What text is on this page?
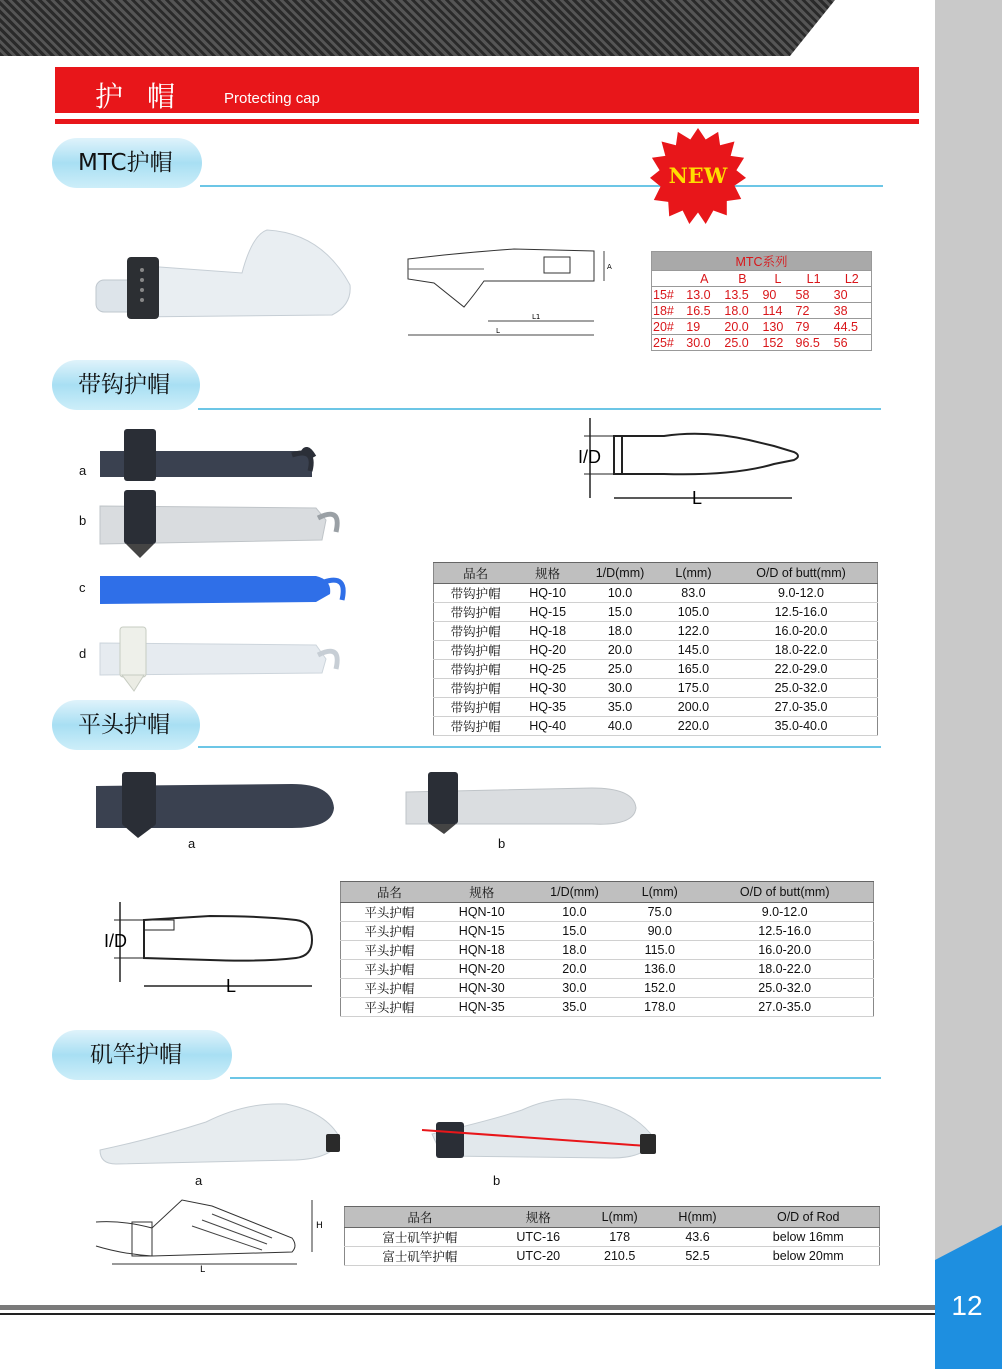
12
护帽 Protecting cap
MTC护帽	NEW
A
L1
L
MTC系列					
	A	B	L	L1	L2
15#	13.0	13.5	90	58	30
18#	16.5	18.0	114	72	38
20#	19	20.0	130	79	44.5
25#	30.0	25.0	152	96.5	56
带钩护帽
a
b
c
d
I/D
L
品名	规格	1/D(mm)	L(mm)	O/D of butt(mm)
带钩护帽	HQ-10	10.0	83.0	9.0-12.0
带钩护帽	HQ-15	15.0	105.0	12.5-16.0
带钩护帽	HQ-18	18.0	122.0	16.0-20.0
带钩护帽	HQ-20	20.0	145.0	18.0-22.0
带钩护帽	HQ-25	25.0	165.0	22.0-29.0
带钩护帽	HQ-30	30.0	175.0	25.0-32.0
带钩护帽	HQ-35	35.0	200.0	27.0-35.0
带钩护帽	HQ-40	40.0	220.0	35.0-40.0
平头护帽
a	b
I/D
L
品名	规格	1/D(mm)	L(mm)	O/D of butt(mm)
平头护帽	HQN-10	10.0	75.0	9.0-12.0
平头护帽	HQN-15	15.0	90.0	12.5-16.0
平头护帽	HQN-18	18.0	115.0	16.0-20.0
平头护帽	HQN-20	20.0	136.0	18.0-22.0
平头护帽	HQN-30	30.0	152.0	25.0-32.0
平头护帽	HQN-35	35.0	178.0	27.0-35.0
矶竿护帽
a	b
H
L
品名	规格	L(mm)	H(mm)	O/D of Rod
富士矶竿护帽	UTC-16	178	43.6	below 16mm
富士矶竿护帽	UTC-20	210.5	52.5	below 20mm
